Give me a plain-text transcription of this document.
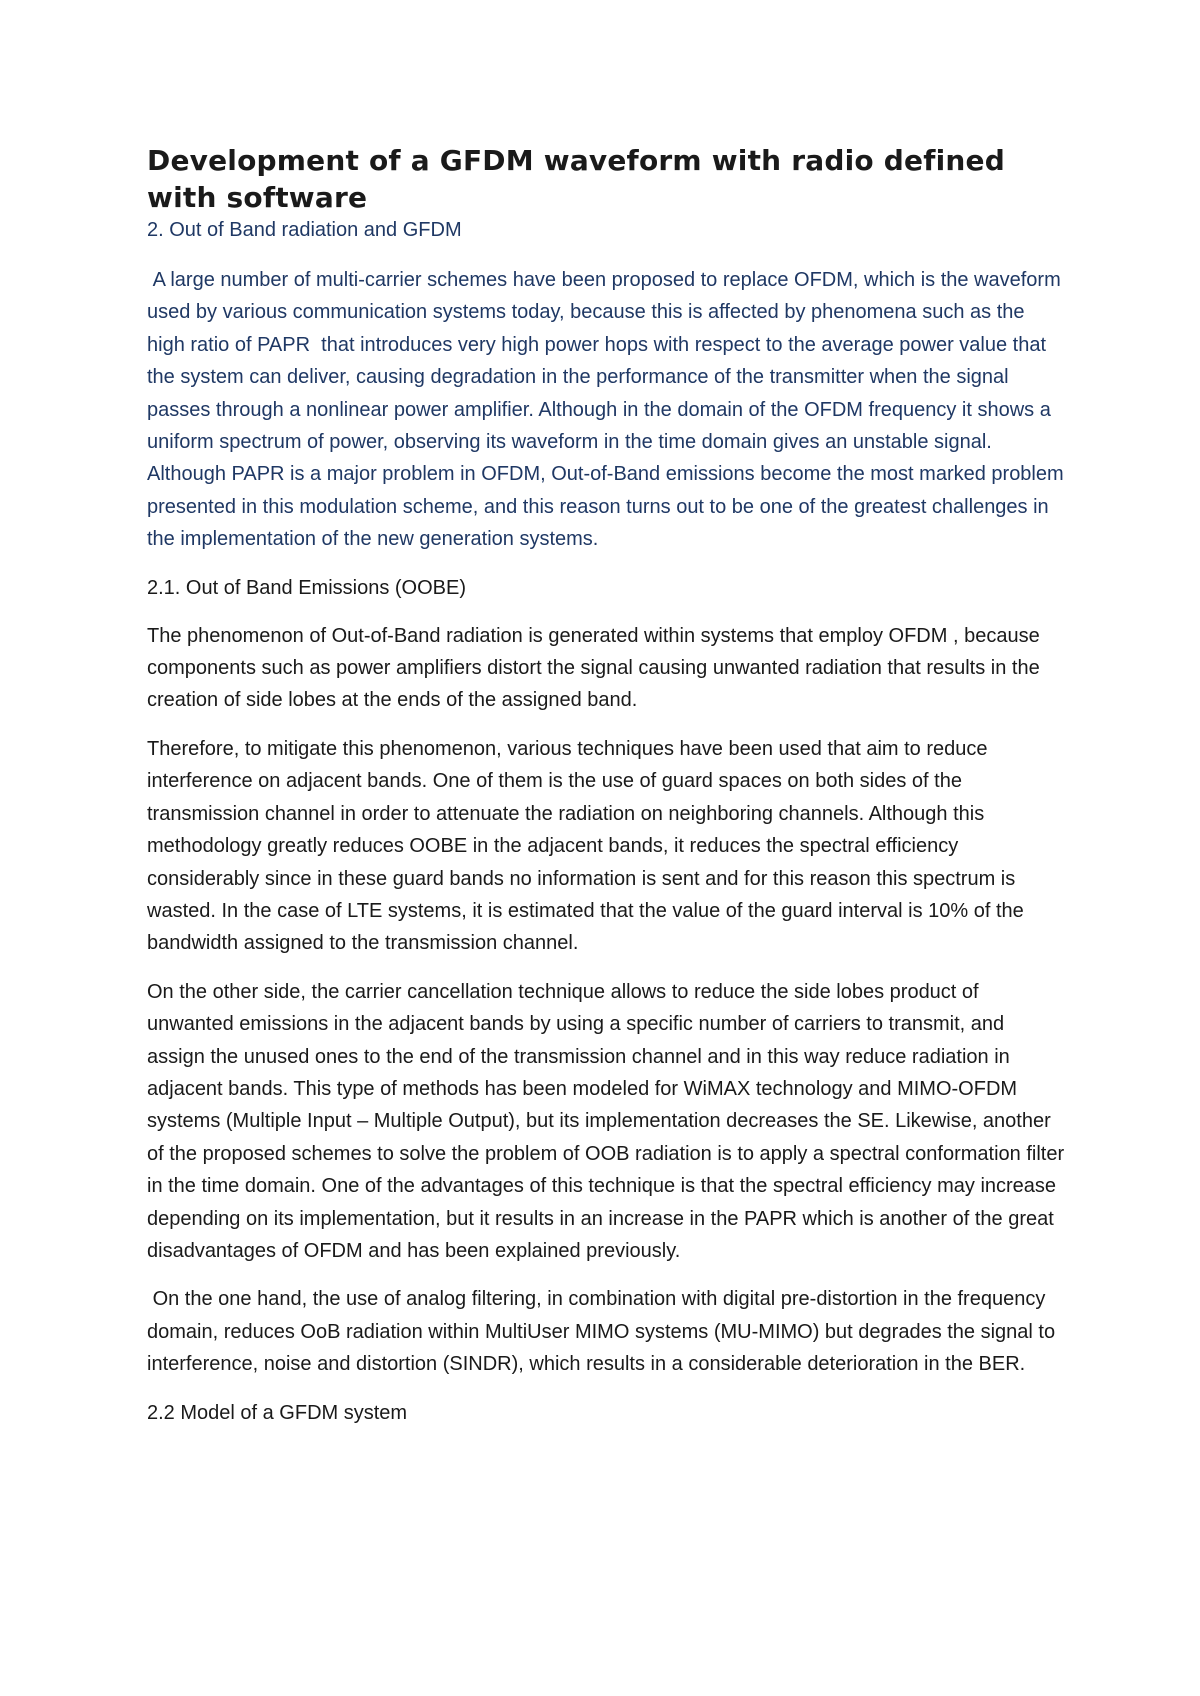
Development of a GFDM waveform with radio defined with software

2. Out of Band radiation and GFDM

A large number of multi-carrier schemes have been proposed to replace OFDM, which is the waveform used by various communication systems today, because this is affected by phenomena such as the high ratio of PAPR  that introduces very high power hops with respect to the average power value that the system can deliver, causing degradation in the performance of the transmitter when the signal passes through a nonlinear power amplifier. Although in the domain of the OFDM frequency it shows a uniform spectrum of power, observing its waveform in the time domain gives an unstable signal. Although PAPR is a major problem in OFDM, Out-of-Band emissions become the most marked problem presented in this modulation scheme, and this reason turns out to be one of the greatest challenges in the implementation of the new generation systems.

2.1. Out of Band Emissions (OOBE)

The phenomenon of Out-of-Band radiation is generated within systems that employ OFDM , because components such as power amplifiers distort the signal causing unwanted radiation that results in the creation of side lobes at the ends of the assigned band.

Therefore, to mitigate this phenomenon, various techniques have been used that aim to reduce interference on adjacent bands. One of them is the use of guard spaces on both sides of the transmission channel in order to attenuate the radiation on neighboring channels. Although this methodology greatly reduces OOBE in the adjacent bands, it reduces the spectral efficiency considerably since in these guard bands no information is sent and for this reason this spectrum is wasted. In the case of LTE systems, it is estimated that the value of the guard interval is 10% of the bandwidth assigned to the transmission channel.

On the other side, the carrier cancellation technique allows to reduce the side lobes product of unwanted emissions in the adjacent bands by using a specific number of carriers to transmit, and assign the unused ones to the end of the transmission channel and in this way reduce radiation in adjacent bands. This type of methods has been modeled for WiMAX technology and MIMO-OFDM systems (Multiple Input – Multiple Output), but its implementation decreases the SE. Likewise, another of the proposed schemes to solve the problem of OOB radiation is to apply a spectral conformation filter in the time domain. One of the advantages of this technique is that the spectral efficiency may increase depending on its implementation, but it results in an increase in the PAPR which is another of the great disadvantages of OFDM and has been explained previously.

On the one hand, the use of analog filtering, in combination with digital pre-distortion in the frequency domain, reduces OoB radiation within MultiUser MIMO systems (MU-MIMO) but degrades the signal to interference, noise and distortion (SINDR), which results in a considerable deterioration in the BER.

2.2 Model of a GFDM system
